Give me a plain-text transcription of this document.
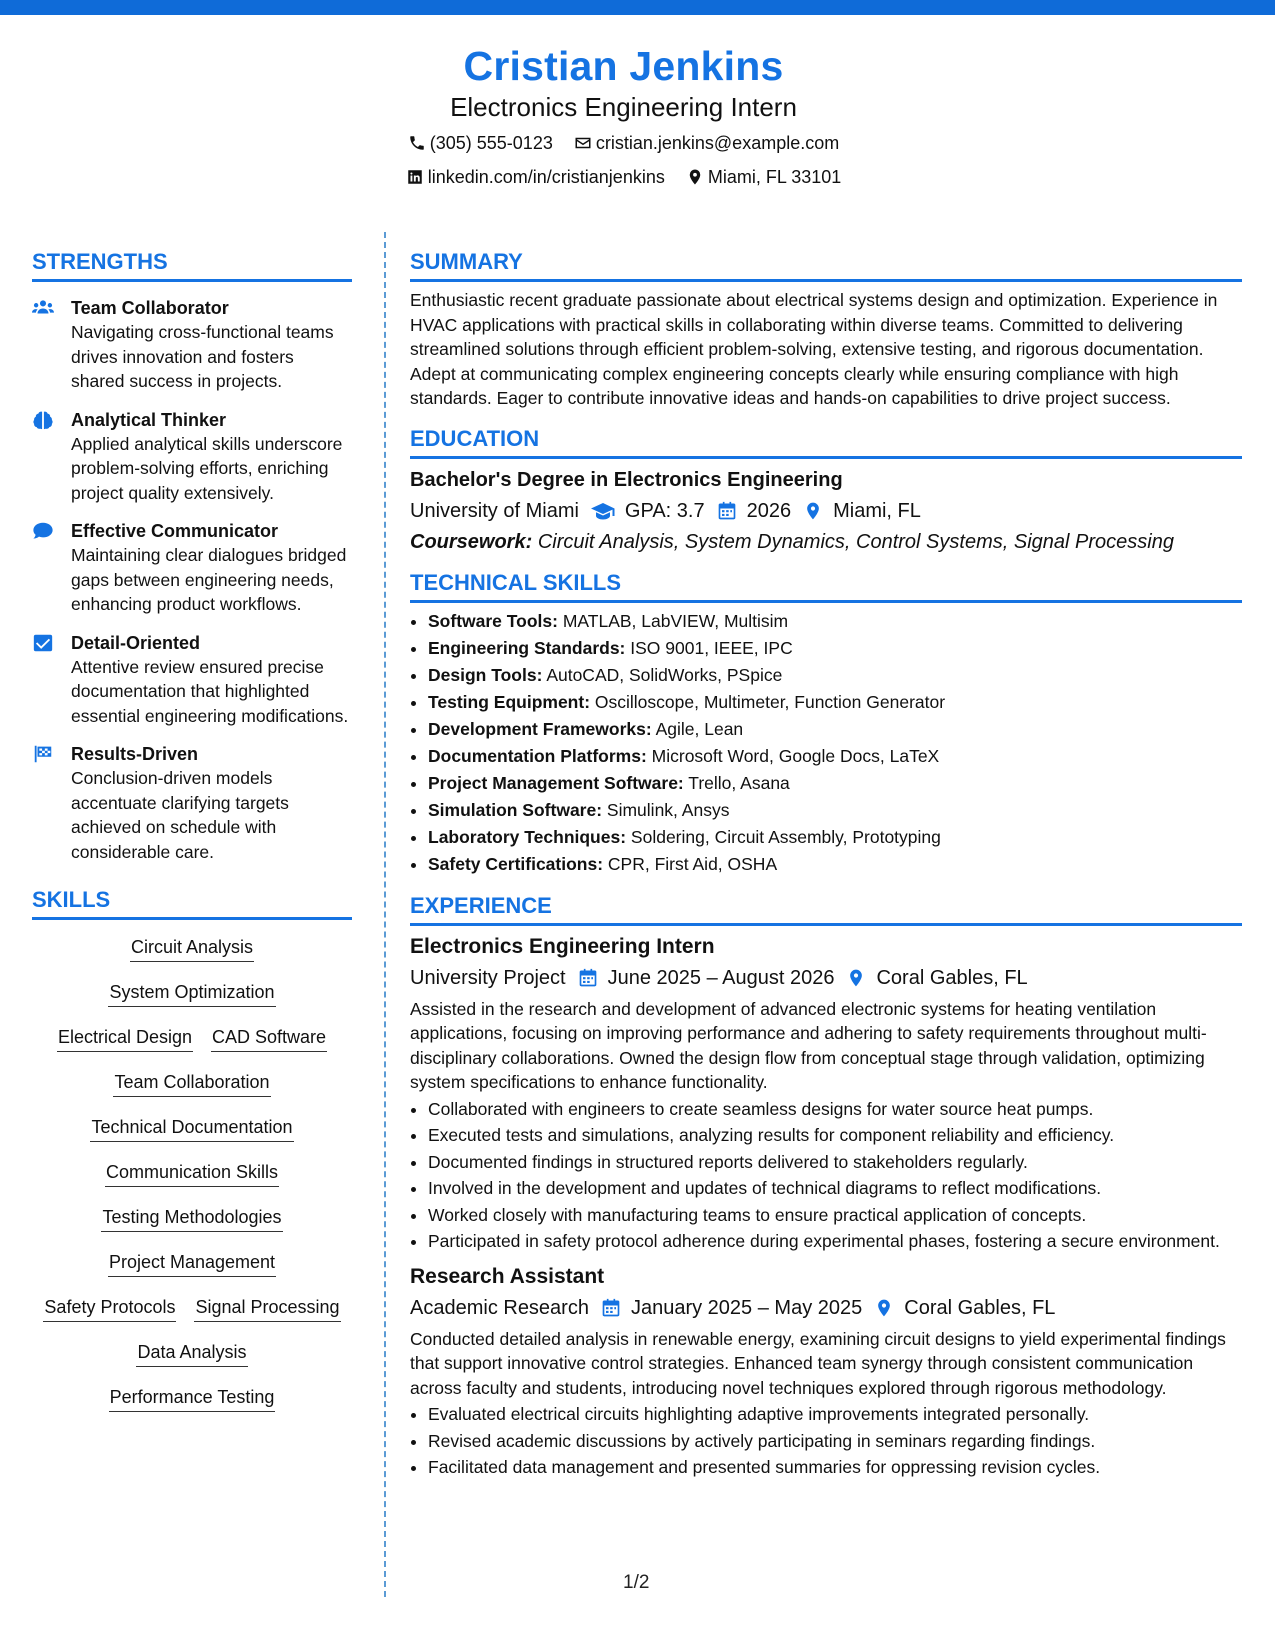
Cristian Jenkins
Electronics Engineering Intern
(305) 555-0123
cristian.jenkins@example.com
linkedin.com/in/cristianjenkins
Miami, FL 33101
STRENGTHS
Team Collaborator
Navigating cross-functional teams drives innovation and fosters shared success in projects.
Analytical Thinker
Applied analytical skills underscore problem-solving efforts, enriching project quality extensively.
Effective Communicator
Maintaining clear dialogues bridged gaps between engineering needs, enhancing product workflows.
Detail-Oriented
Attentive review ensured precise documentation that highlighted essential engineering modifications.
Results-Driven
Conclusion-driven models accentuate clarifying targets achieved on schedule with considerable care.
SKILLS
Circuit Analysis
System Optimization
Electrical Design CAD Software
Team Collaboration
Technical Documentation
Communication Skills
Testing Methodologies
Project Management
Safety Protocols Signal Processing
Data Analysis
Performance Testing
SUMMARY
Enthusiastic recent graduate passionate about electrical systems design and optimization. Experience in HVAC applications with practical skills in collaborating within diverse teams. Committed to delivering streamlined solutions through efficient problem-solving, extensive testing, and rigorous documentation. Adept at communicating complex engineering concepts clearly while ensuring compliance with high standards. Eager to contribute innovative ideas and hands-on capabilities to drive project success.
EDUCATION
Bachelor's Degree in Electronics Engineering
University of Miami GPA: 3.7 2026 Miami, FL
Coursework: Circuit Analysis, System Dynamics, Control Systems, Signal Processing
TECHNICAL SKILLS
• Software Tools: MATLAB, LabVIEW, Multisim
• Engineering Standards: ISO 9001, IEEE, IPC
• Design Tools: AutoCAD, SolidWorks, PSpice
• Testing Equipment: Oscilloscope, Multimeter, Function Generator
• Development Frameworks: Agile, Lean
• Documentation Platforms: Microsoft Word, Google Docs, LaTeX
• Project Management Software: Trello, Asana
• Simulation Software: Simulink, Ansys
• Laboratory Techniques: Soldering, Circuit Assembly, Prototyping
• Safety Certifications: CPR, First Aid, OSHA
EXPERIENCE
Electronics Engineering Intern
University Project June 2025 – August 2026 Coral Gables, FL
Assisted in the research and development of advanced electronic systems for heating ventilation applications, focusing on improving performance and adhering to safety requirements throughout multi-disciplinary collaborations. Owned the design flow from conceptual stage through validation, optimizing system specifications to enhance functionality.
• Collaborated with engineers to create seamless designs for water source heat pumps.
• Executed tests and simulations, analyzing results for component reliability and efficiency.
• Documented findings in structured reports delivered to stakeholders regularly.
• Involved in the development and updates of technical diagrams to reflect modifications.
• Worked closely with manufacturing teams to ensure practical application of concepts.
• Participated in safety protocol adherence during experimental phases, fostering a secure environment.
Research Assistant
Academic Research January 2025 – May 2025 Coral Gables, FL
Conducted detailed analysis in renewable energy, examining circuit designs to yield experimental findings that support innovative control strategies. Enhanced team synergy through consistent communication across faculty and students, introducing novel techniques explored through rigorous methodology.
• Evaluated electrical circuits highlighting adaptive improvements integrated personally.
• Revised academic discussions by actively participating in seminars regarding findings.
• Facilitated data management and presented summaries for oppressing revision cycles.
1/2
